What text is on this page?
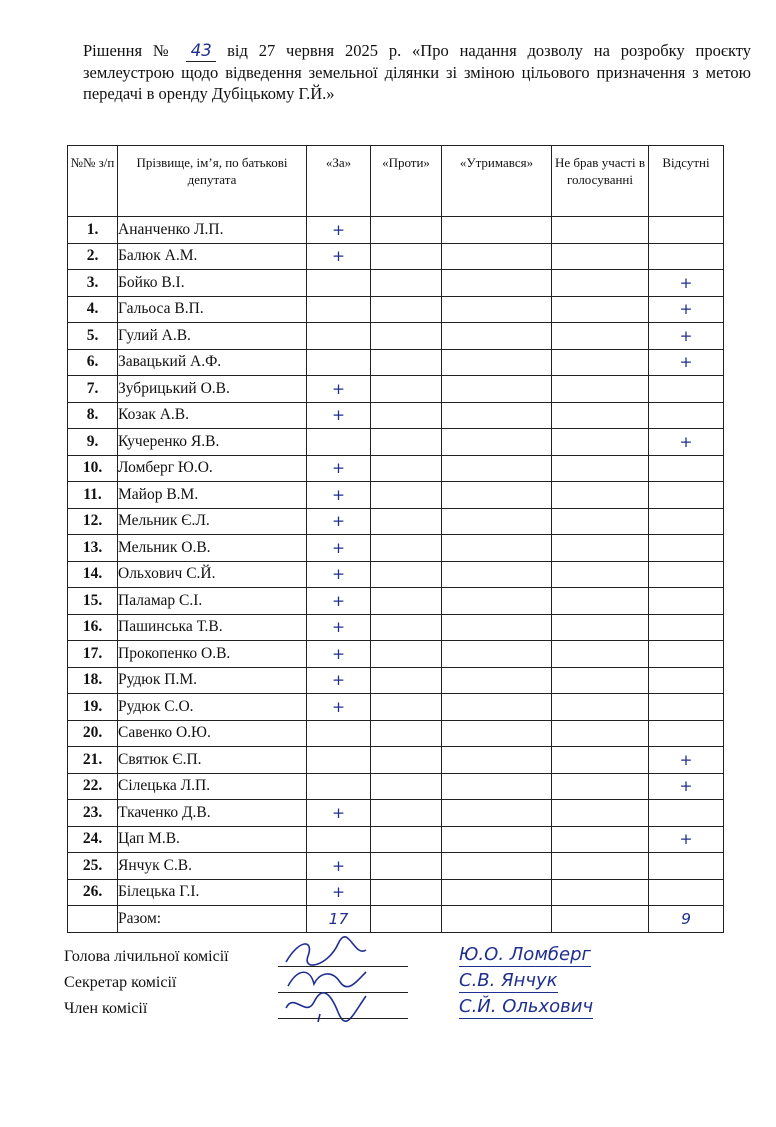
Рішення № 43 від 27 червня 2025 р. «Про надання дозволу на розробку проєкту землеустрою щодо відведення земельної ділянки зі зміною цільового призначення з метою передачі в оренду Дубіцькому Г.Й.»
№№ з/п	Прізвище, ім’я, по батькові депутата	«За»	«Проти»	«Утримався»	Не брав участі в голосуванні	Відсутні
1.	Ананченко Л.П.	+				
2.	Балюк А.М.	+				
3.	Бойко В.І.					+
4.	Гальоса В.П.					+
5.	Гулий А.В.					+
6.	Завацький А.Ф.					+
7.	Зубрицький О.В.	+				
8.	Козак А.В.	+				
9.	Кучеренко Я.В.					+
10.	Ломберг Ю.О.	+				
11.	Майор В.М.	+				
12.	Мельник Є.Л.	+				
13.	Мельник О.В.	+				
14.	Ольхович С.Й.	+				
15.	Паламар С.І.	+				
16.	Пашинська Т.В.	+				
17.	Прокопенко О.В.	+				
18.	Рудюк П.М.	+				
19.	Рудюк С.О.	+				
20.	Савенко О.Ю.					
21.	Святюк Є.П.					+
22.	Сілецька Л.П.					+
23.	Ткаченко Д.В.	+				
24.	Цап М.В.					+
25.	Янчук С.В.	+				
26.	Білецька Г.І.	+				
	Разом:	17				9
Голова лічильної комісії	Ю.О. Ломберг
Секретар комісії	С.В. Янчук
Член комісії	С.Й. Ольхович
